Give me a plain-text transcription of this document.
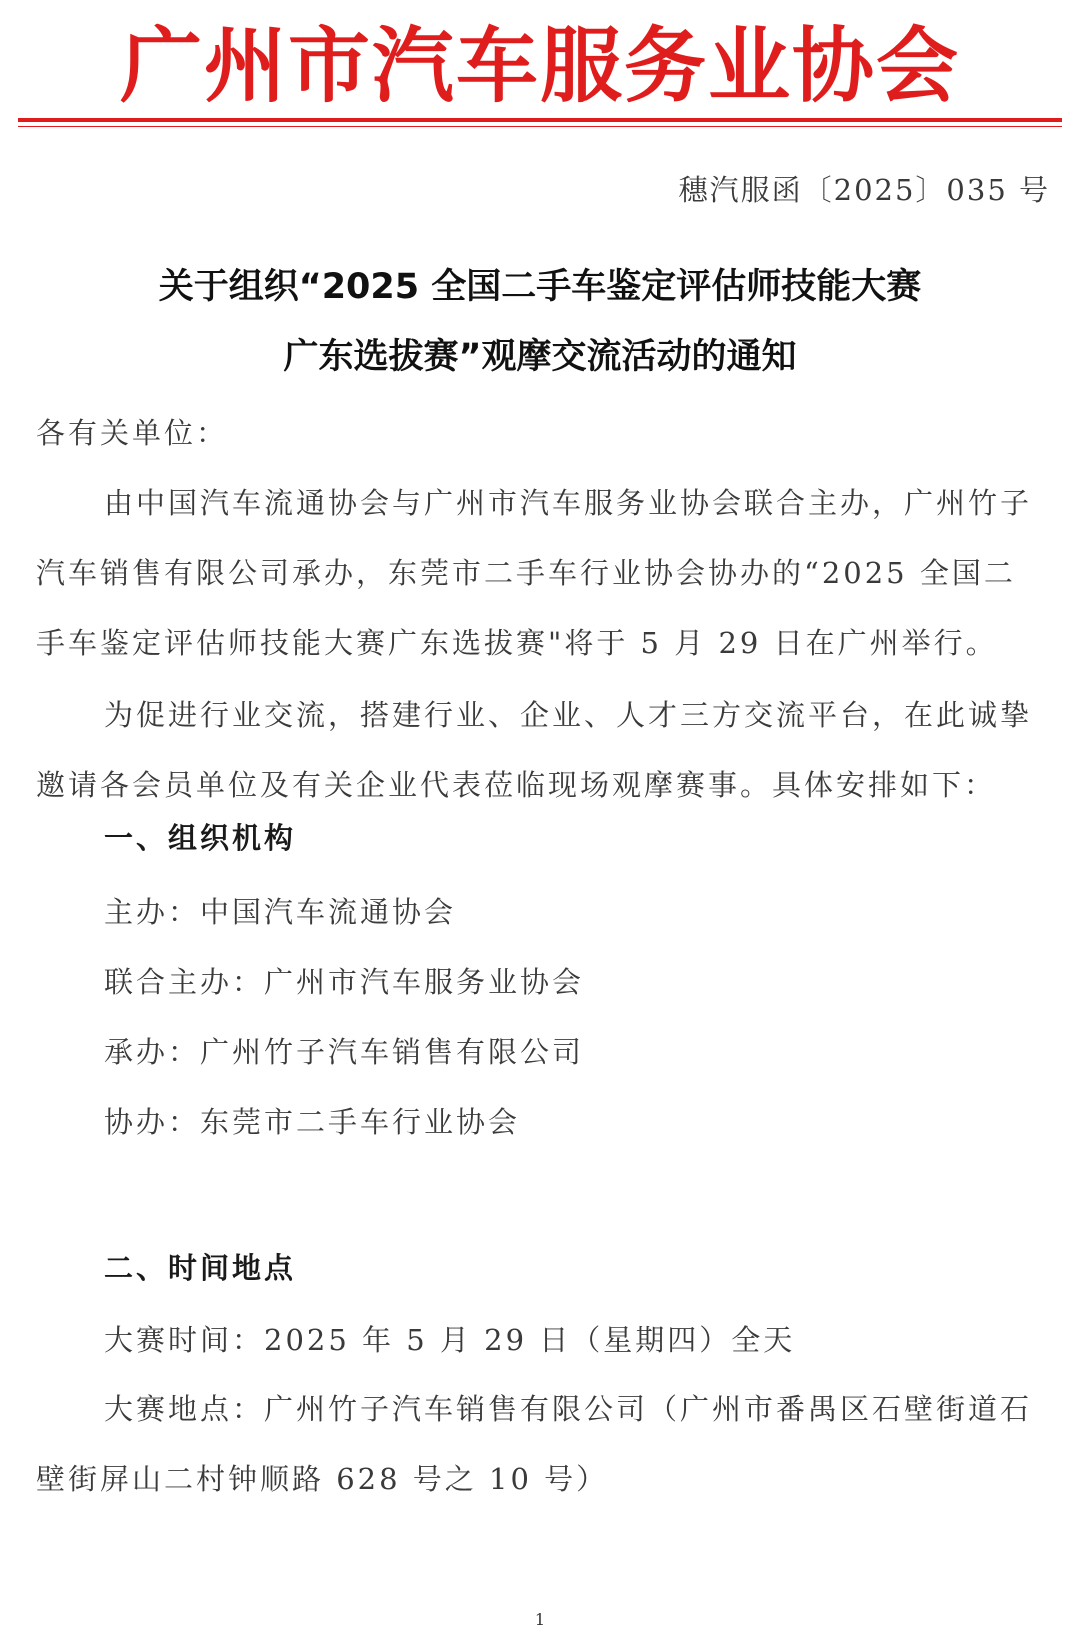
广州市汽车服务业协会
穗汽服函〔2025〕035 号
关于组织“2025 全国二手车鉴定评估师技能大赛
广东选拔赛”观摩交流活动的通知
各有关单位：
由中国汽车流通协会与广州市汽车服务业协会联合主办，广州竹子汽车销售有限公司承办，东莞市二手车行业协会协办的“2025 全国二手车鉴定评估师技能大赛广东选拔赛"将于 5 月 29 日在广州举行。
为促进行业交流，搭建行业、企业、人才三方交流平台，在此诚挚邀请各会员单位及有关企业代表莅临现场观摩赛事。具体安排如下：
一、组织机构
主办：中国汽车流通协会
联合主办：广州市汽车服务业协会
承办：广州竹子汽车销售有限公司
协办：东莞市二手车行业协会
二、时间地点
大赛时间：2025 年 5 月 29 日（星期四）全天
大赛地点：广州竹子汽车销售有限公司（广州市番禺区石壁街道石壁街屏山二村钟顺路 628 号之 10 号）
1
